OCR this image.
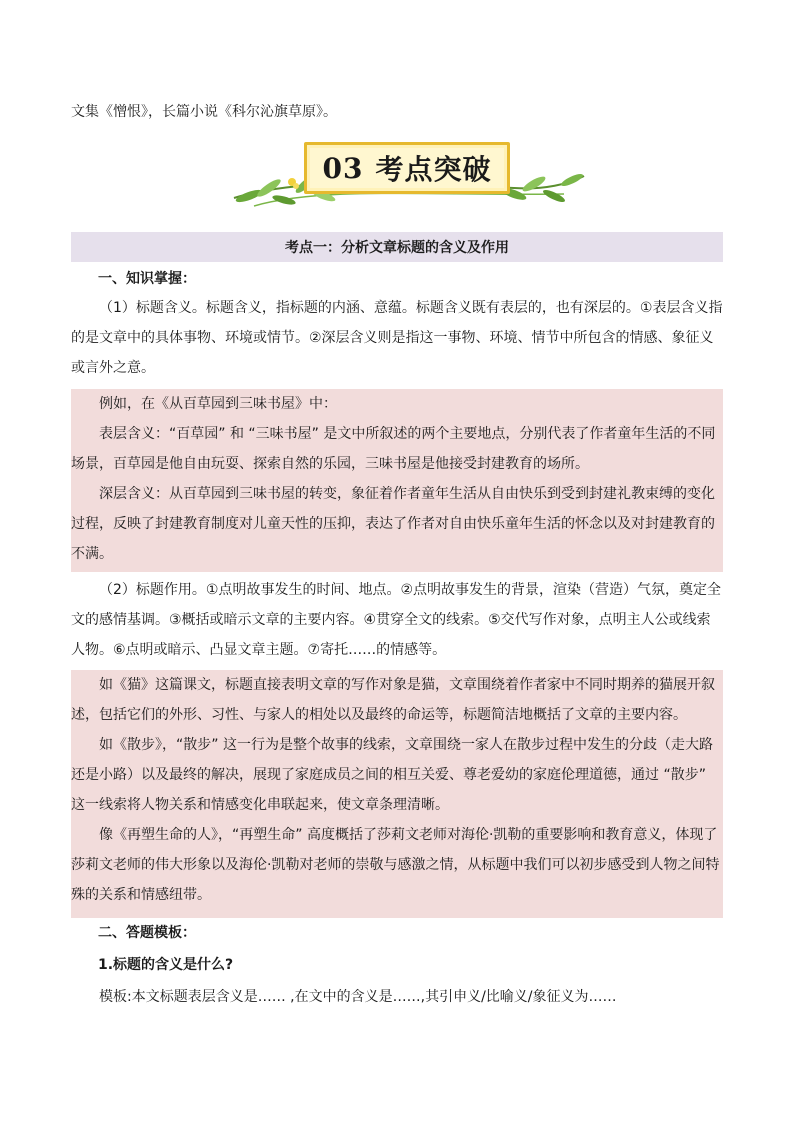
文集《憎恨》，长篇小说《科尔沁旗草原》。
03 考点突破
考点一：分析文章标题的含义及作用
一、知识掌握：

（1）标题含义。标题含义，指标题的内涵、意蕴。标题含义既有表层的，也有深层的。①表层含义指的是文章中的具体事物、环境或情节。②深层含义则是指这一事物、环境、情节中所包含的情感、象征义或言外之意。

例如，在《从百草园到三味书屋》中：

表层含义：“百草园” 和 “三味书屋” 是文中所叙述的两个主要地点，分别代表了作者童年生活的不同场景，百草园是他自由玩耍、探索自然的乐园，三味书屋是他接受封建教育的场所。

深层含义：从百草园到三味书屋的转变，象征着作者童年生活从自由快乐到受到封建礼教束缚的变化过程，反映了封建教育制度对儿童天性的压抑，表达了作者对自由快乐童年生活的怀念以及对封建教育的不满。

（2）标题作用。①点明故事发生的时间、地点。②点明故事发生的背景，渲染（营造）气氛，奠定全文的感情基调。③概括或暗示文章的主要内容。④贯穿全文的线索。⑤交代写作对象，点明主人公或线索人物。⑥点明或暗示、凸显文章主题。⑦寄托……的情感等。

如《猫》这篇课文，标题直接表明文章的写作对象是猫，文章围绕着作者家中不同时期养的猫展开叙述，包括它们的外形、习性、与家人的相处以及最终的命运等，标题简洁地概括了文章的主要内容。

如《散步》，“散步” 这一行为是整个故事的线索，文章围绕一家人在散步过程中发生的分歧（走大路还是小路）以及最终的解决，展现了家庭成员之间的相互关爱、尊老爱幼的家庭伦理道德，通过 “散步” 这一线索将人物关系和情感变化串联起来，使文章条理清晰。

像《再塑生命的人》，“再塑生命” 高度概括了莎莉文老师对海伦·凯勒的重要影响和教育意义，体现了莎莉文老师的伟大形象以及海伦·凯勒对老师的崇敬与感激之情，从标题中我们可以初步感受到人物之间特殊的关系和情感纽带。

二、答题模板：
1.标题的含义是什么?

模板:本文标题表层含义是…… ,在文中的含义是……,其引申义/比喻义/象征义为……
